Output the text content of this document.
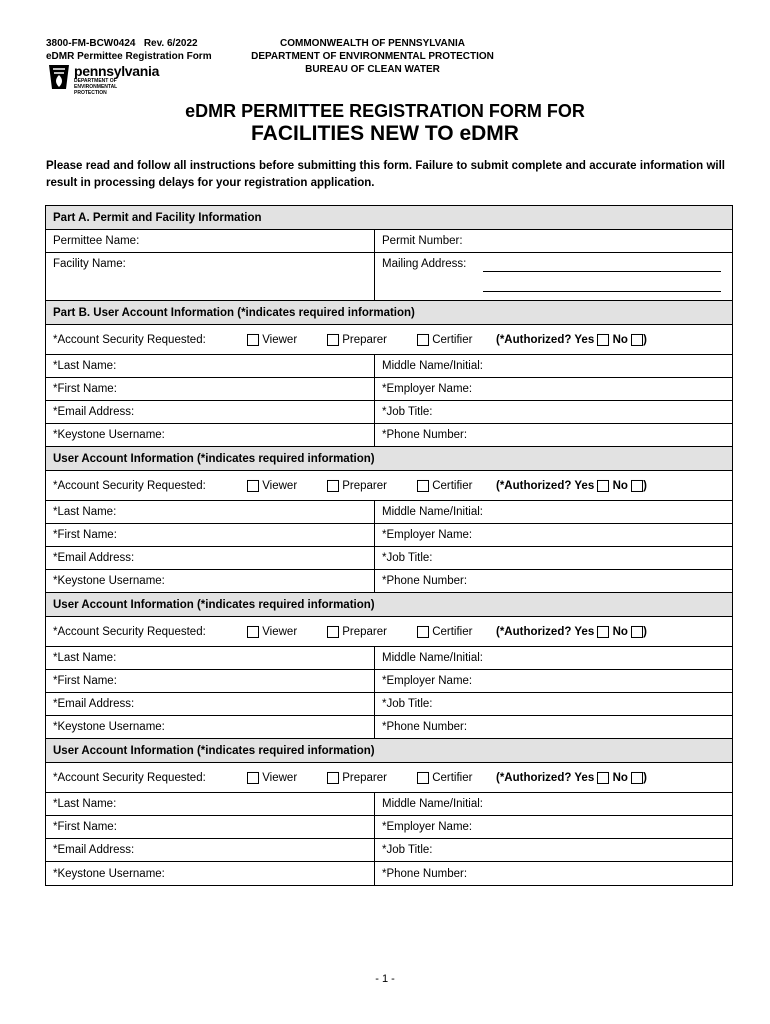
3800-FM-BCW0424 Rev. 6/2022
eDMR Permittee Registration Form
pennsylvania
DEPARTMENT OF ENVIRONMENTAL PROTECTION
COMMONWEALTH OF PENNSYLVANIA
DEPARTMENT OF ENVIRONMENTAL PROTECTION
BUREAU OF CLEAN WATER
eDMR PERMITTEE REGISTRATION FORM FOR
FACILITIES NEW TO eDMR
Please read and follow all instructions before submitting this form. Failure to submit complete and accurate information will result in processing delays for your registration application.
Part A. Permit and Facility Information
Permittee Name:	Permit Number:
Facility Name:	Mailing Address:
Part B. User Account Information (*indicates required information)
*Account Security Requested:	Viewer	Preparer	Certifier (*Authorized? Yes No )
*Last Name:	Middle Name/Initial:
*First Name:	*Employer Name:
*Email Address:	*Job Title:
*Keystone Username:	*Phone Number:
User Account Information (*indicates required information)
*Account Security Requested:	Viewer	Preparer	Certifier (*Authorized? Yes No )
*Last Name:	Middle Name/Initial:
*First Name:	*Employer Name:
*Email Address:	*Job Title:
*Keystone Username:	*Phone Number:
User Account Information (*indicates required information)
*Account Security Requested:	Viewer	Preparer	Certifier (*Authorized? Yes No )
*Last Name:	Middle Name/Initial:
*First Name:	*Employer Name:
*Email Address:	*Job Title:
*Keystone Username:	*Phone Number:
User Account Information (*indicates required information)
*Account Security Requested:	Viewer	Preparer	Certifier (*Authorized? Yes No )
*Last Name:	Middle Name/Initial:
*First Name:	*Employer Name:
*Email Address:	*Job Title:
*Keystone Username:	*Phone Number:
- 1 -
